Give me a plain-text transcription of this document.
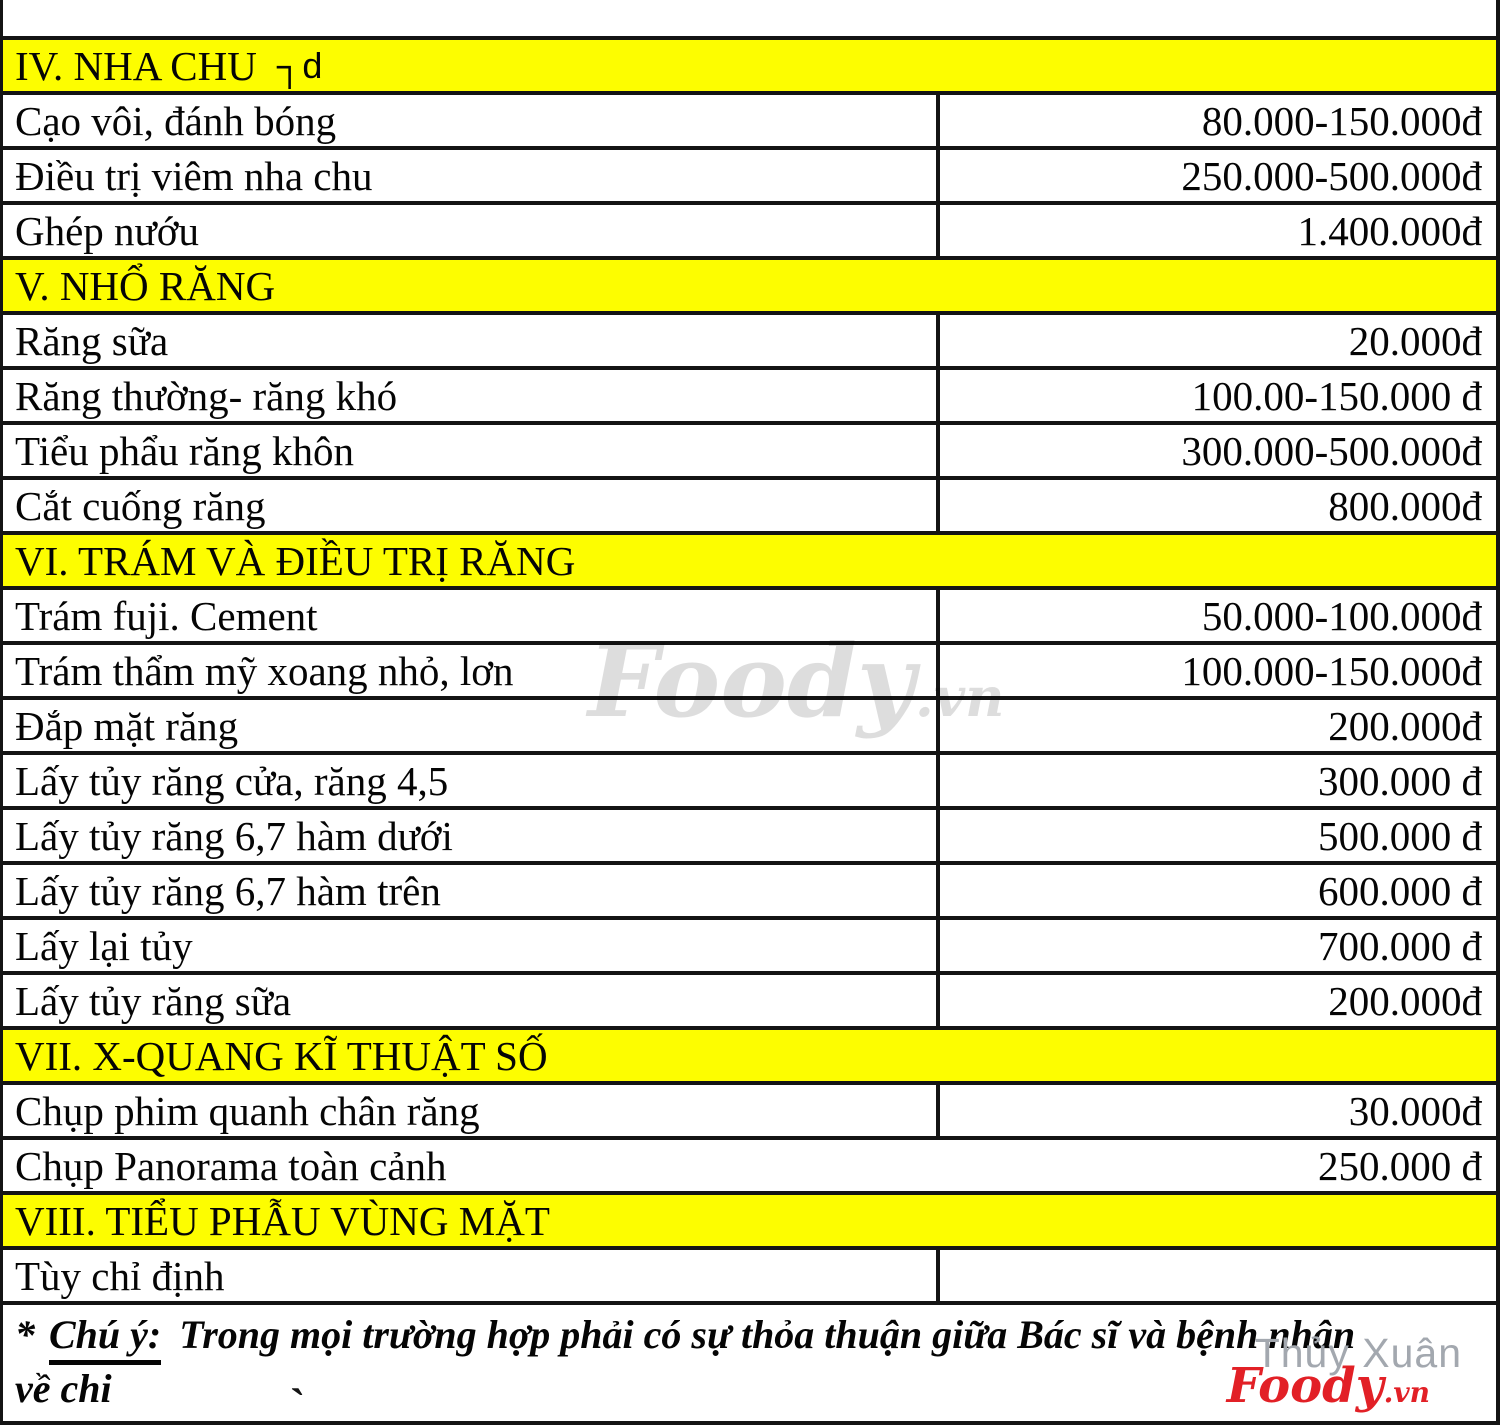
IV. NHA CHU ┐d
Cạo vôi, đánh bóng	80.000-150.000đ
Điều trị viêm nha chu	250.000-500.000đ
Ghép nướu	1.400.000đ
V. NHỔ RĂNG
Răng sữa	20.000đ
Răng thường- răng khó	100.00-150.000 đ
Tiểu phẩu răng khôn	300.000-500.000đ
Cắt cuống răng	800.000đ
VI. TRÁM VÀ ĐIỀU TRỊ RĂNG
Trám fuji. Cement	50.000-100.000đ
Trám thẩm mỹ xoang nhỏ, lơn	100.000-150.000đ
Đắp mặt răng	200.000đ
Lấy tủy răng cửa, răng 4,5	300.000 đ
Lấy tủy răng 6,7 hàm dưới	500.000 đ
Lấy tủy răng 6,7 hàm trên	600.000 đ
Lấy lại tủy	700.000 đ
Lấy tủy răng sữa	200.000đ
VII. X-QUANG KĨ THUẬT SỐ
Chụp phim quanh chân răng	30.000đ
Chụp Panorama toàn cảnh	250.000 đ
VIII. TIỂU PHẪU VÙNG MẶT
Tùy chỉ định
* Chú ý: Trong mọi trường hợp phải có sự thỏa thuận giữa Bác sĩ và bệnh nhân
về chi
Foody.vn
Thủy Xuân
Foody.vn
ˋ
